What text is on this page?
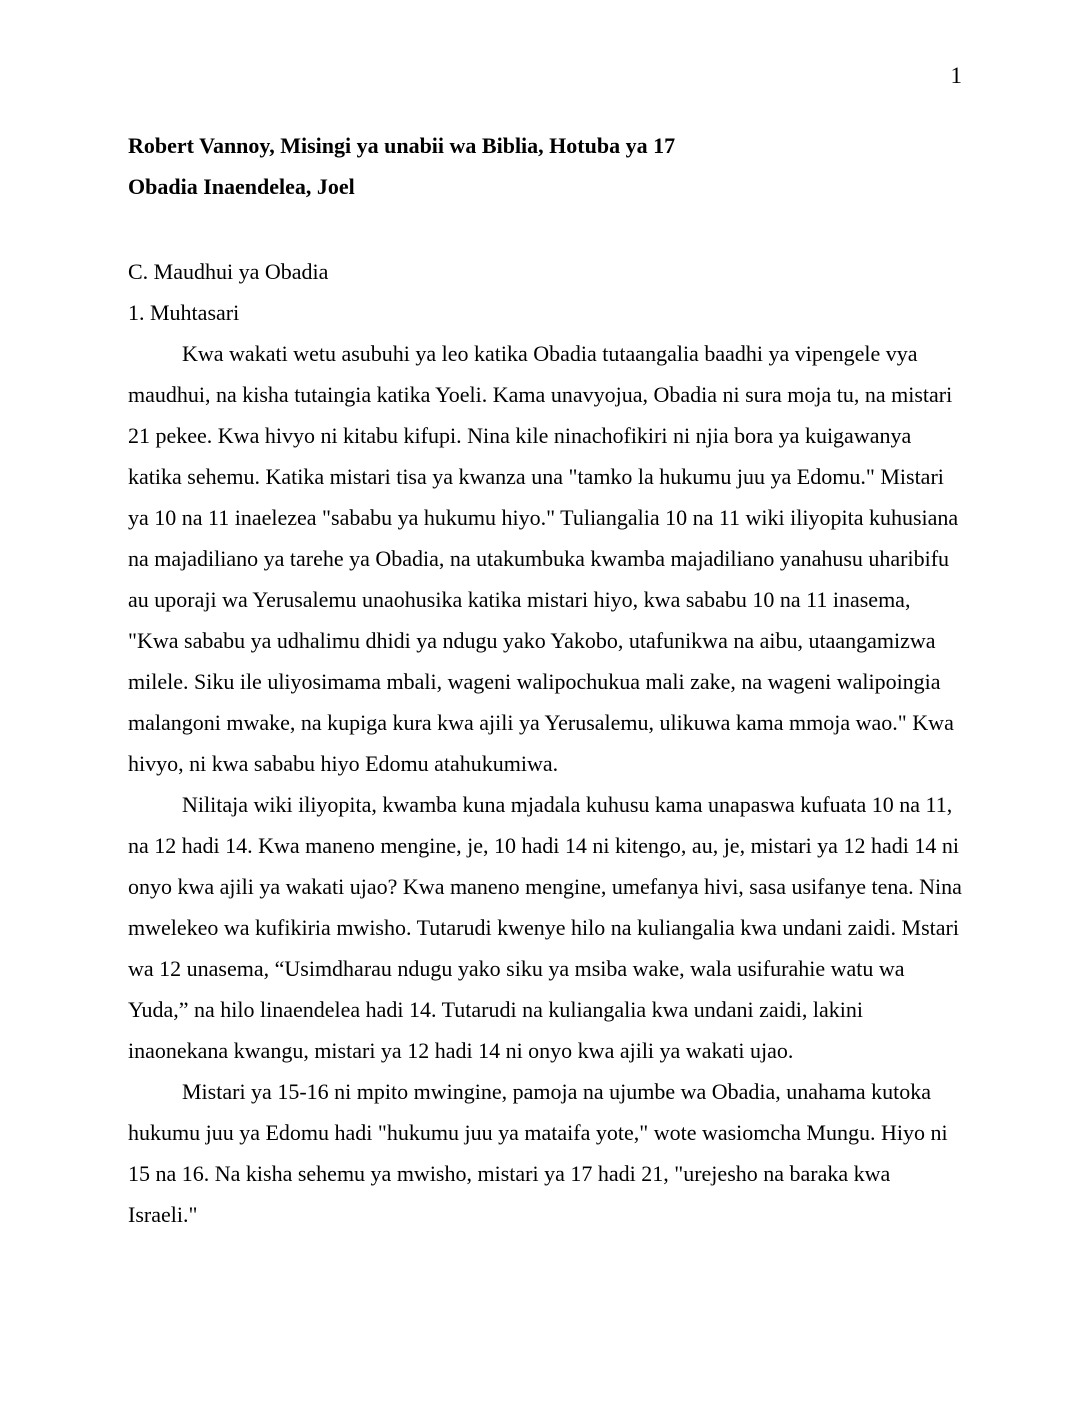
1

Robert Vannoy, Misingi ya unabii wa Biblia, Hotuba ya 17

Obadia Inaendelea, Joel

C. Maudhui ya Obadia

1. Muhtasari

Kwa wakati wetu asubuhi ya leo katika Obadia tutaangalia baadhi ya vipengele vya maudhui, na kisha tutaingia katika Yoeli. Kama unavyojua, Obadia ni sura moja tu, na mistari 21 pekee. Kwa hivyo ni kitabu kifupi. Nina kile ninachofikiri ni njia bora ya kuigawanya katika sehemu. Katika mistari tisa ya kwanza una "tamko la hukumu juu ya Edomu." Mistari ya 10 na 11 inaelezea "sababu ya hukumu hiyo." Tuliangalia 10 na 11 wiki iliyopita kuhusiana na majadiliano ya tarehe ya Obadia, na utakumbuka kwamba majadiliano yanahusu uharibifu au uporaji wa Yerusalemu unaohusika katika mistari hiyo, kwa sababu 10 na 11 inasema, "Kwa sababu ya udhalimu dhidi ya ndugu yako Yakobo, utafunikwa na aibu, utaangamizwa milele. Siku ile uliyosimama mbali, wageni walipochukua mali zake, na wageni walipoingia malangoni mwake, na kupiga kura kwa ajili ya Yerusalemu, ulikuwa kama mmoja wao." Kwa hivyo, ni kwa sababu hiyo Edomu atahukumiwa.

Nilitaja wiki iliyopita, kwamba kuna mjadala kuhusu kama unapaswa kufuata 10 na 11, na 12 hadi 14. Kwa maneno mengine, je, 10 hadi 14 ni kitengo, au, je, mistari ya 12 hadi 14 ni onyo kwa ajili ya wakati ujao? Kwa maneno mengine, umefanya hivi, sasa usifanye tena. Nina mwelekeo wa kufikiria mwisho. Tutarudi kwenye hilo na kuliangalia kwa undani zaidi. Mstari wa 12 unasema, “Usimdharau ndugu yako siku ya msiba wake, wala usifurahie watu wa Yuda,” na hilo linaendelea hadi 14. Tutarudi na kuliangalia kwa undani zaidi, lakini inaonekana kwangu, mistari ya 12 hadi 14 ni onyo kwa ajili ya wakati ujao.

Mistari ya 15-16 ni mpito mwingine, pamoja na ujumbe wa Obadia, unahama kutoka hukumu juu ya Edomu hadi "hukumu juu ya mataifa yote," wote wasiomcha Mungu. Hiyo ni 15 na 16. Na kisha sehemu ya mwisho, mistari ya 17 hadi 21, "urejesho na baraka kwa Israeli."
